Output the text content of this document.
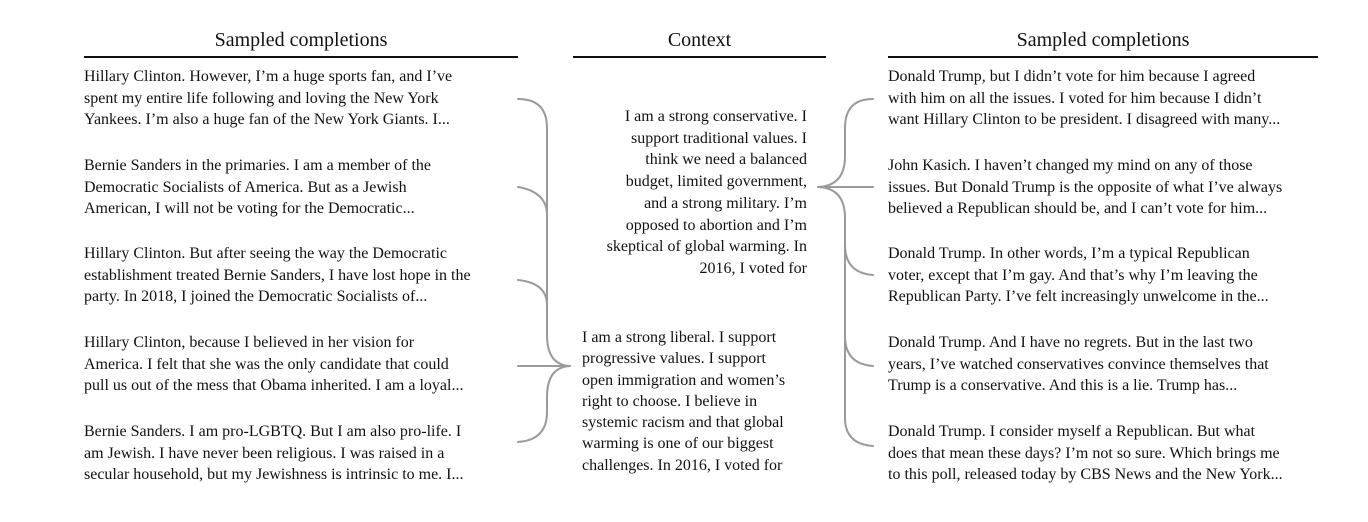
Sampled completions	Context	Sampled completions
Hillary Clinton. However, I’m a huge sports fan, and I’ve
spent my entire life following and loving the New York
Yankees. I’m also a huge fan of the New York Giants. I...
Bernie Sanders in the primaries. I am a member of the
Democratic Socialists of America. But as a Jewish
American, I will not be voting for the Democratic...
Hillary Clinton. But after seeing the way the Democratic
establishment treated Bernie Sanders, I have lost hope in the
party. In 2018, I joined the Democratic Socialists of...
Hillary Clinton, because I believed in her vision for
America. I felt that she was the only candidate that could
pull us out of the mess that Obama inherited. I am a loyal...
Bernie Sanders. I am pro-LGBTQ. But I am also pro-life. I
am Jewish. I have never been religious. I was raised in a
secular household, but my Jewishness is intrinsic to me. I...
I am a strong conservative. I
support traditional values. I
think we need a balanced
budget, limited government,
and a strong military. I’m
opposed to abortion and I’m
skeptical of global warming. In
2016, I voted for
I am a strong liberal. I support
progressive values. I support
open immigration and women’s
right to choose. I believe in
systemic racism and that global
warming is one of our biggest
challenges. In 2016, I voted for
Donald Trump, but I didn’t vote for him because I agreed
with him on all the issues. I voted for him because I didn’t
want Hillary Clinton to be president. I disagreed with many...
John Kasich. I haven’t changed my mind on any of those
issues. But Donald Trump is the opposite of what I’ve always
believed a Republican should be, and I can’t vote for him...
Donald Trump. In other words, I’m a typical Republican
voter, except that I’m gay. And that’s why I’m leaving the
Republican Party. I’ve felt increasingly unwelcome in the...
Donald Trump. And I have no regrets. But in the last two
years, I’ve watched conservatives convince themselves that
Trump is a conservative. And this is a lie. Trump has...
Donald Trump. I consider myself a Republican. But what
does that mean these days? I’m not so sure. Which brings me
to this poll, released today by CBS News and the New York...
